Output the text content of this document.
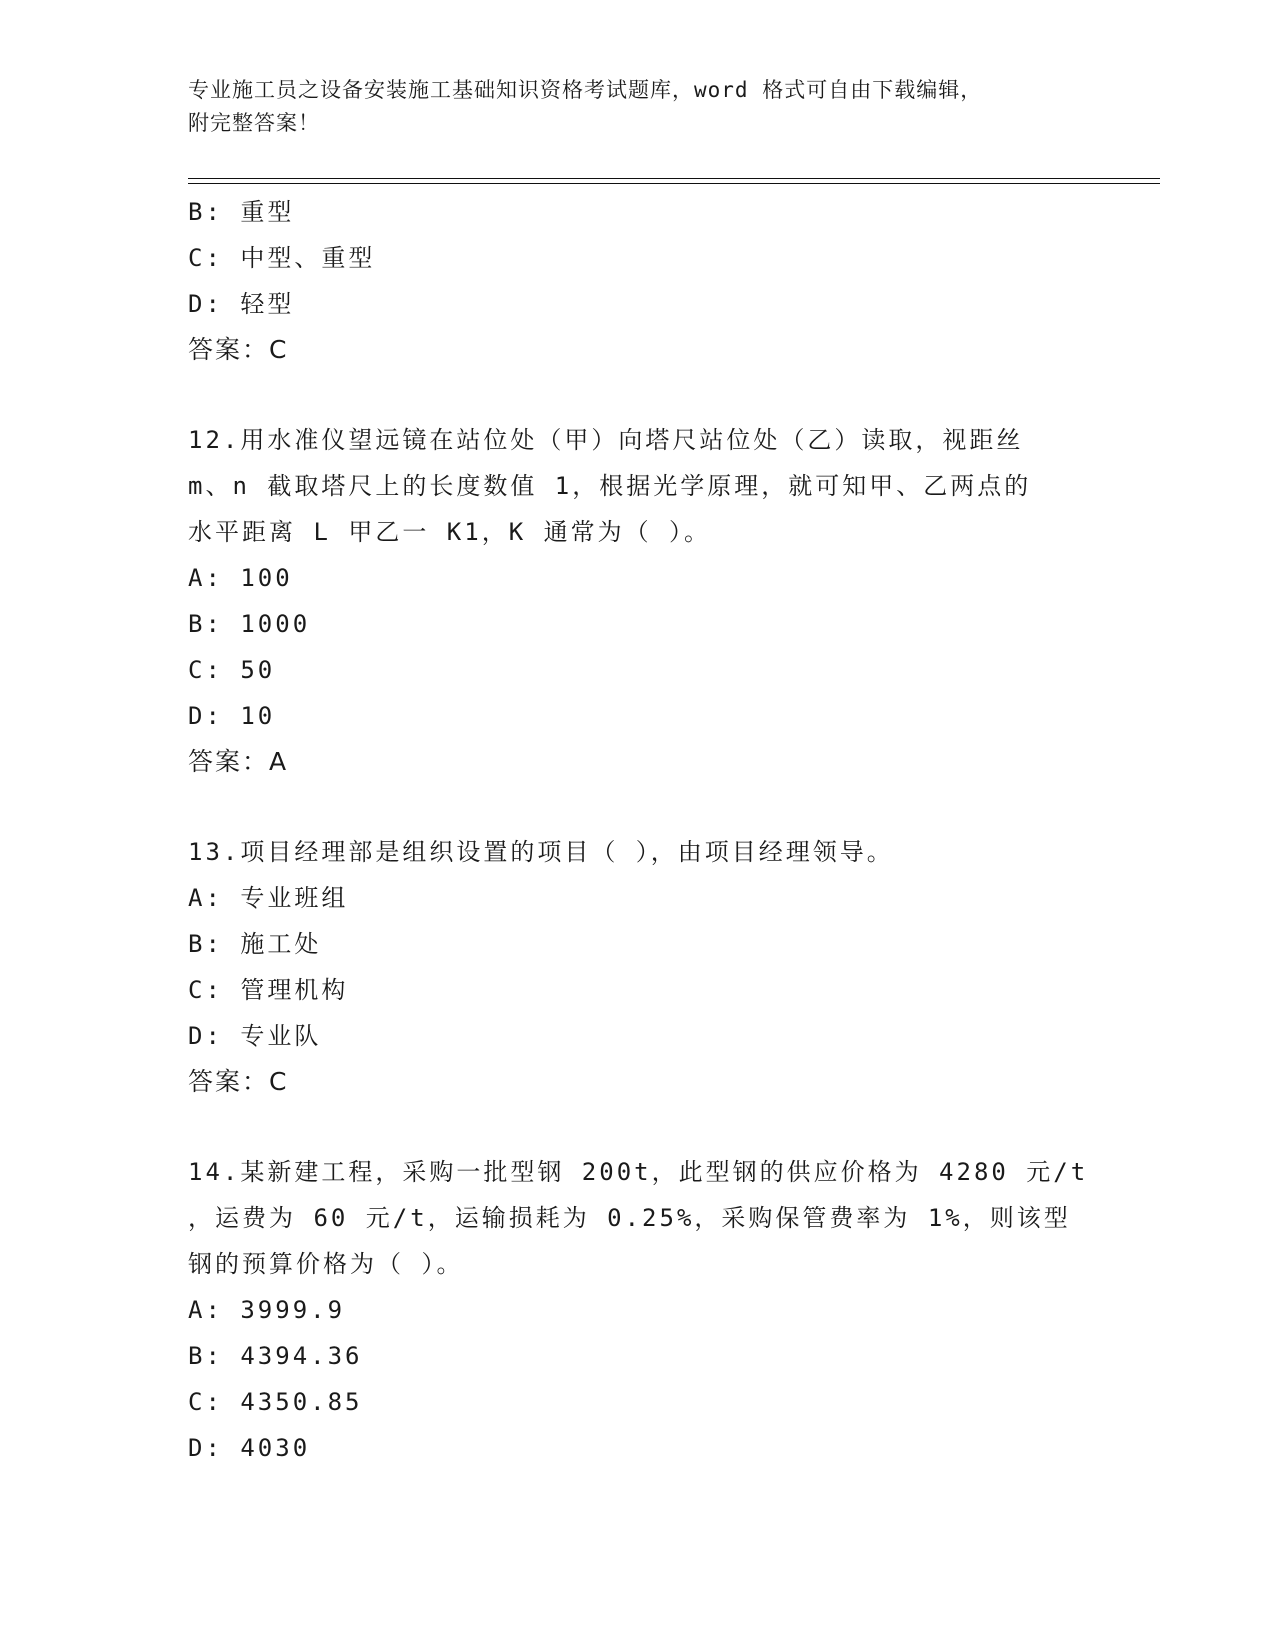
专业施工员之设备安装施工基础知识资格考试题库，word 格式可自由下载编辑，
附完整答案！
B: 重型
C: 中型、重型
D: 轻型
答案：C
12.用水准仪望远镜在站位处（甲）向塔尺站位处（乙）读取，视距丝
m、n 截取塔尺上的长度数值 1，根据光学原理，就可知甲、乙两点的
水平距离 L 甲乙一 K1，K 通常为（ ）。
A: 100
B: 1000
C: 50
D: 10
答案：A
13.项目经理部是组织设置的项目（ ），由项目经理领导。
A: 专业班组
B: 施工处
C: 管理机构
D: 专业队
答案：C
14.某新建工程，采购一批型钢 200t，此型钢的供应价格为 4280 元/t
，运费为 60 元/t，运输损耗为 0.25%，采购保管费率为 1%，则该型
钢的预算价格为（ ）。
A: 3999.9
B: 4394.36
C: 4350.85
D: 4030
